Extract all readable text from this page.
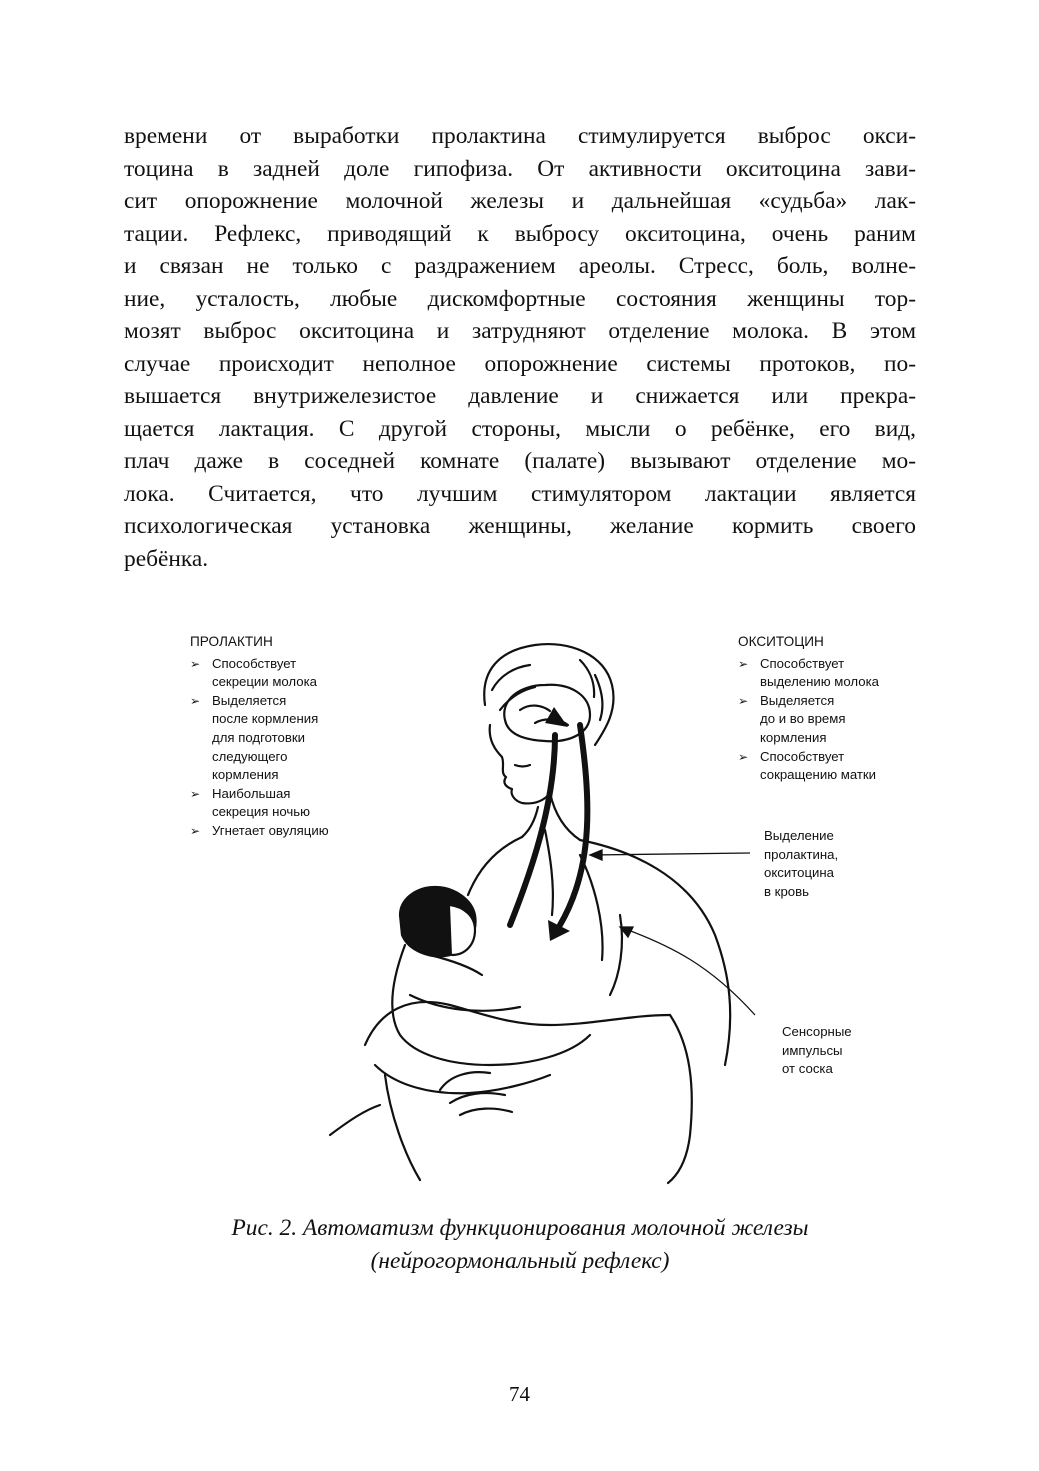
времени от выработки пролактина стимулируется выброс окси-
тоцина в задней доле гипофиза. От активности окситоцина зави-
сит опорожнение молочной железы и дальнейшая «судьба» лак-
тации. Рефлекс, приводящий к выбросу окситоцина, очень раним
и связан не только с раздражением ареолы. Стресс, боль, волне-
ние, усталость, любые дискомфортные состояния женщины тор-
мозят выброс окситоцина и затрудняют отделение молока. В этом
случае происходит неполное опорожнение системы протоков, по-
вышается внутрижелезистое давление и снижается или прекра-
щается лактация. С другой стороны, мысли о ребёнке, его вид,
плач даже в соседней комнате (палате) вызывают отделение мо-
лока. Считается, что лучшим стимулятором лактации является
психологическая установка женщины, желание кормить своего
ребёнка.
ПРОЛАКТИН
➢ Способствует
секреции молока
➢ Выделяется
после кормления
для подготовки
следующего
кормления
➢ Наибольшая
секреция ночью
➢ Угнетает овуляцию
ОКСИТОЦИН
➢ Способствует
выделению молока
➢ Выделяется
до и во время
кормления
➢ Способствует
сокращению матки
Выделение
пролактина,
окситоцина
в кровь
Сенсорные
импульсы
от соска
Рис. 2. Автоматизм функционирования молочной железы
(нейрогормональный рефлекс)
74
